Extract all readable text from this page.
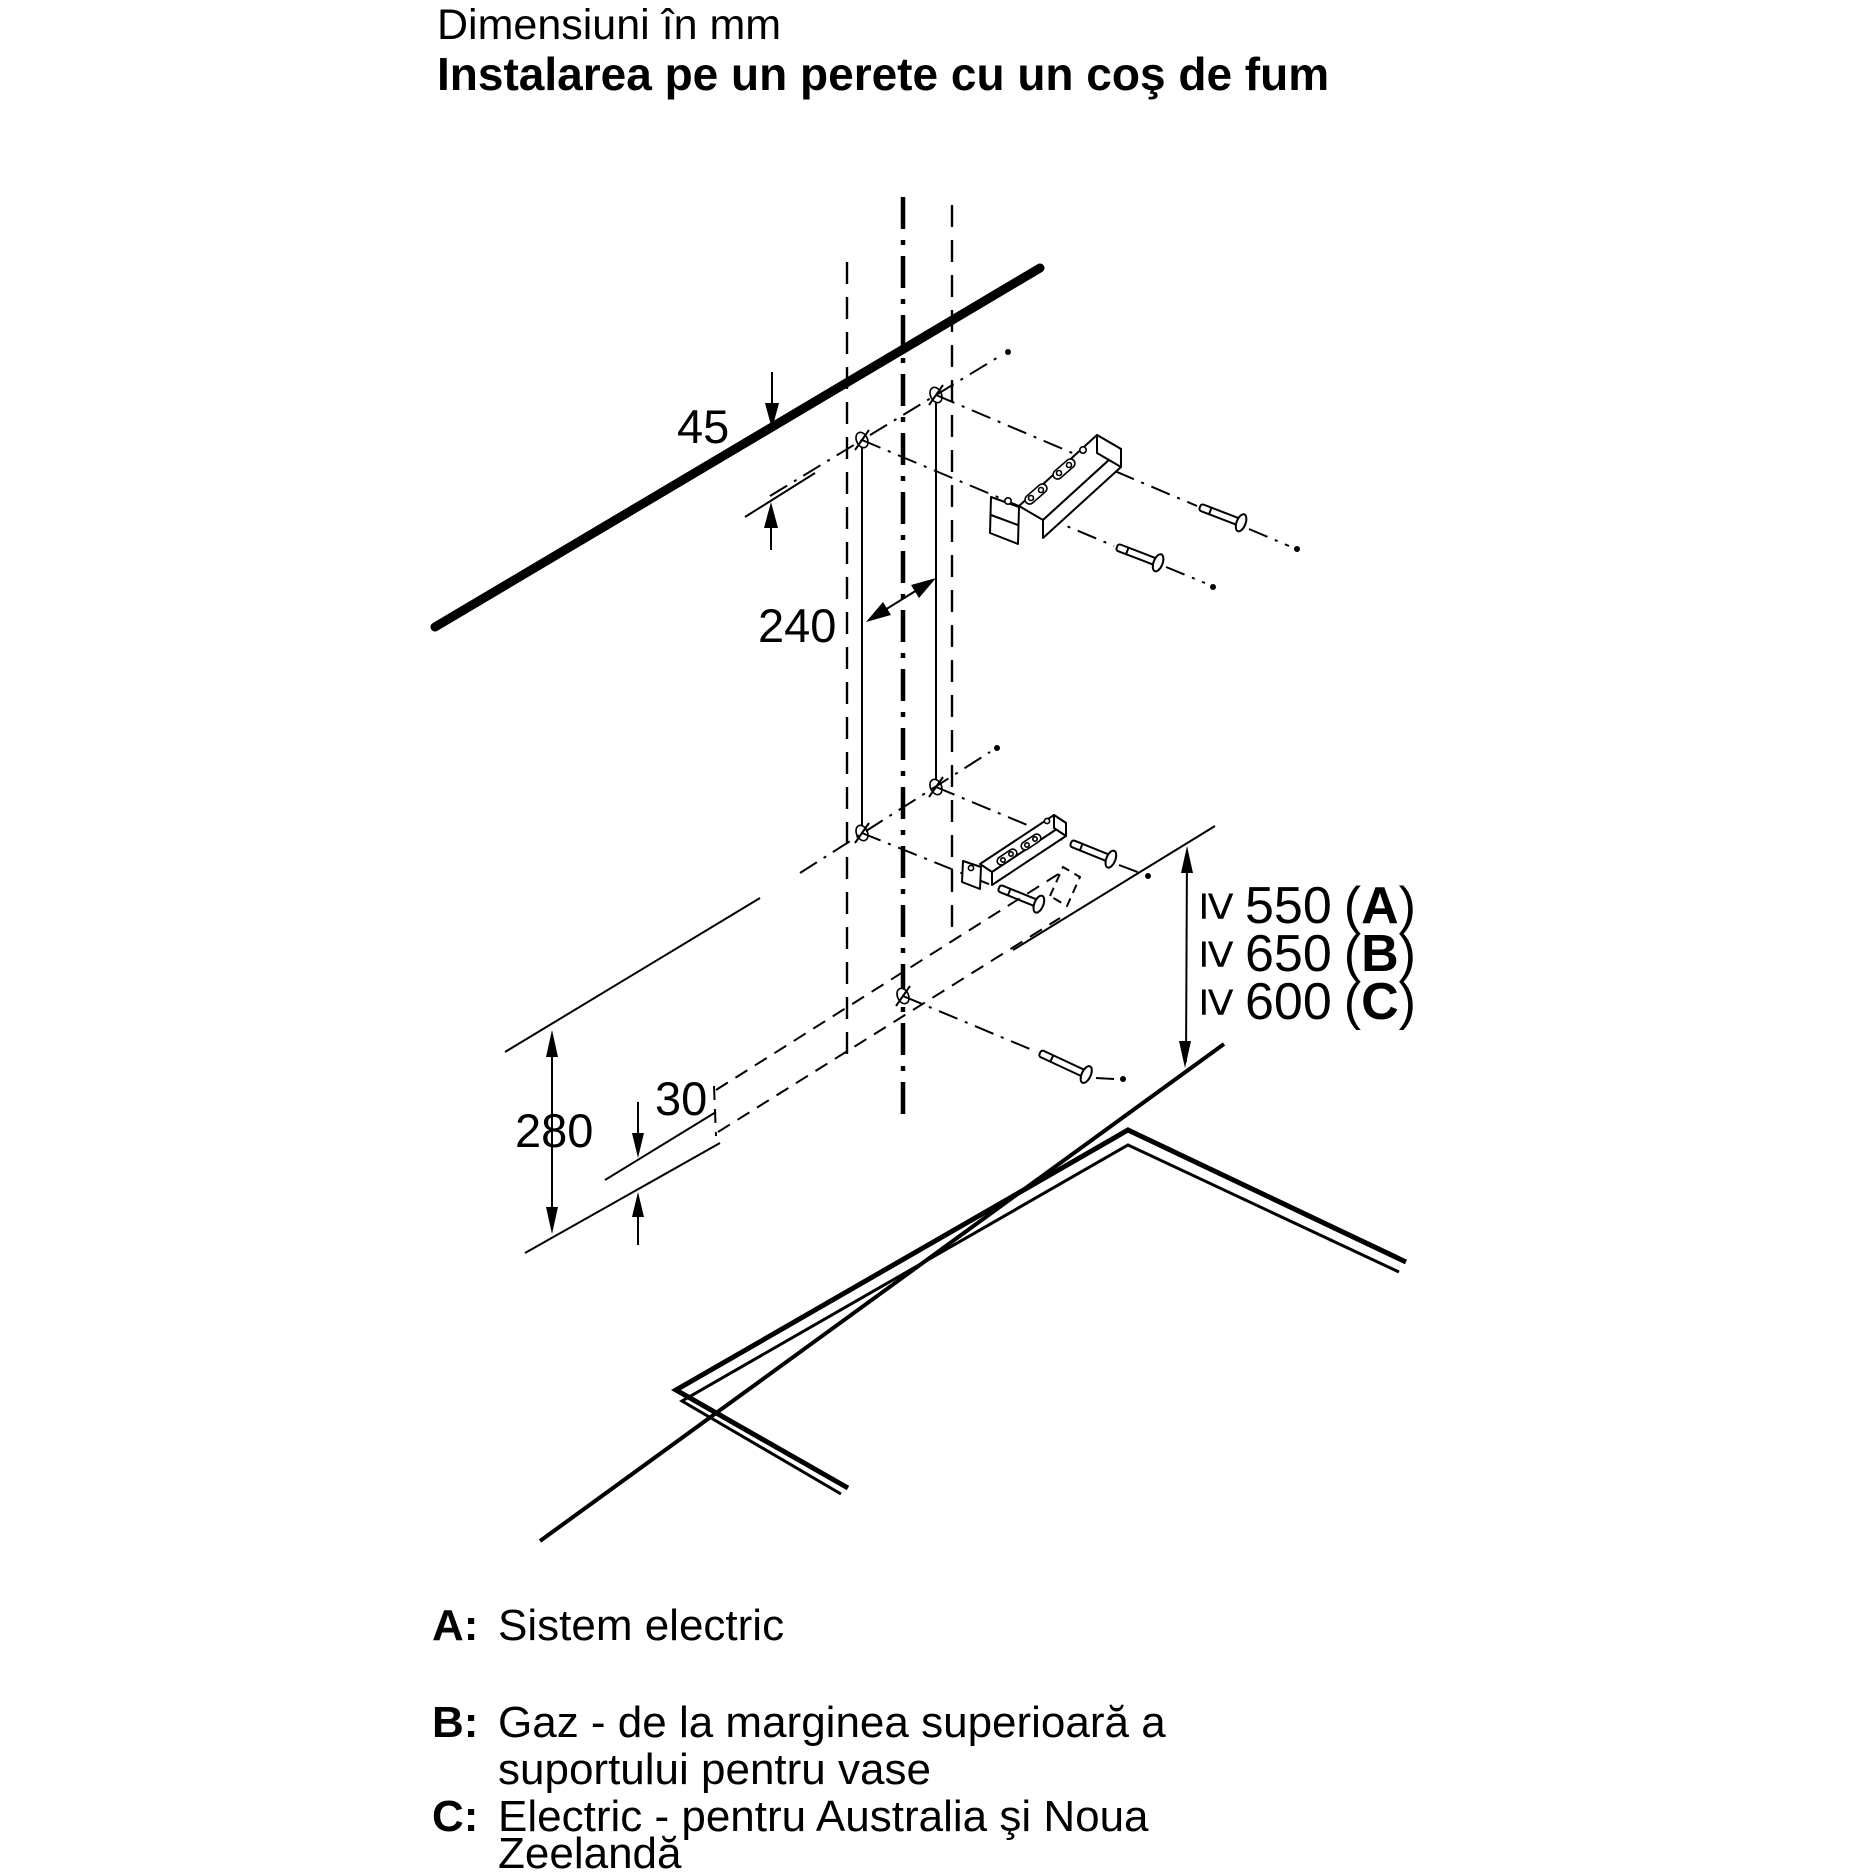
Dimensiuni în mm
Instalarea pe un perete cu un coş de fum
45
240
≥
550 (A)
≥
650 (B)
≥
600 (C)
280
30
A: Sistem electric
B: Gaz - de la marginea superioară a
suportului pentru vase
C: Electric - pentru Australia şi Noua
Zeelandă
